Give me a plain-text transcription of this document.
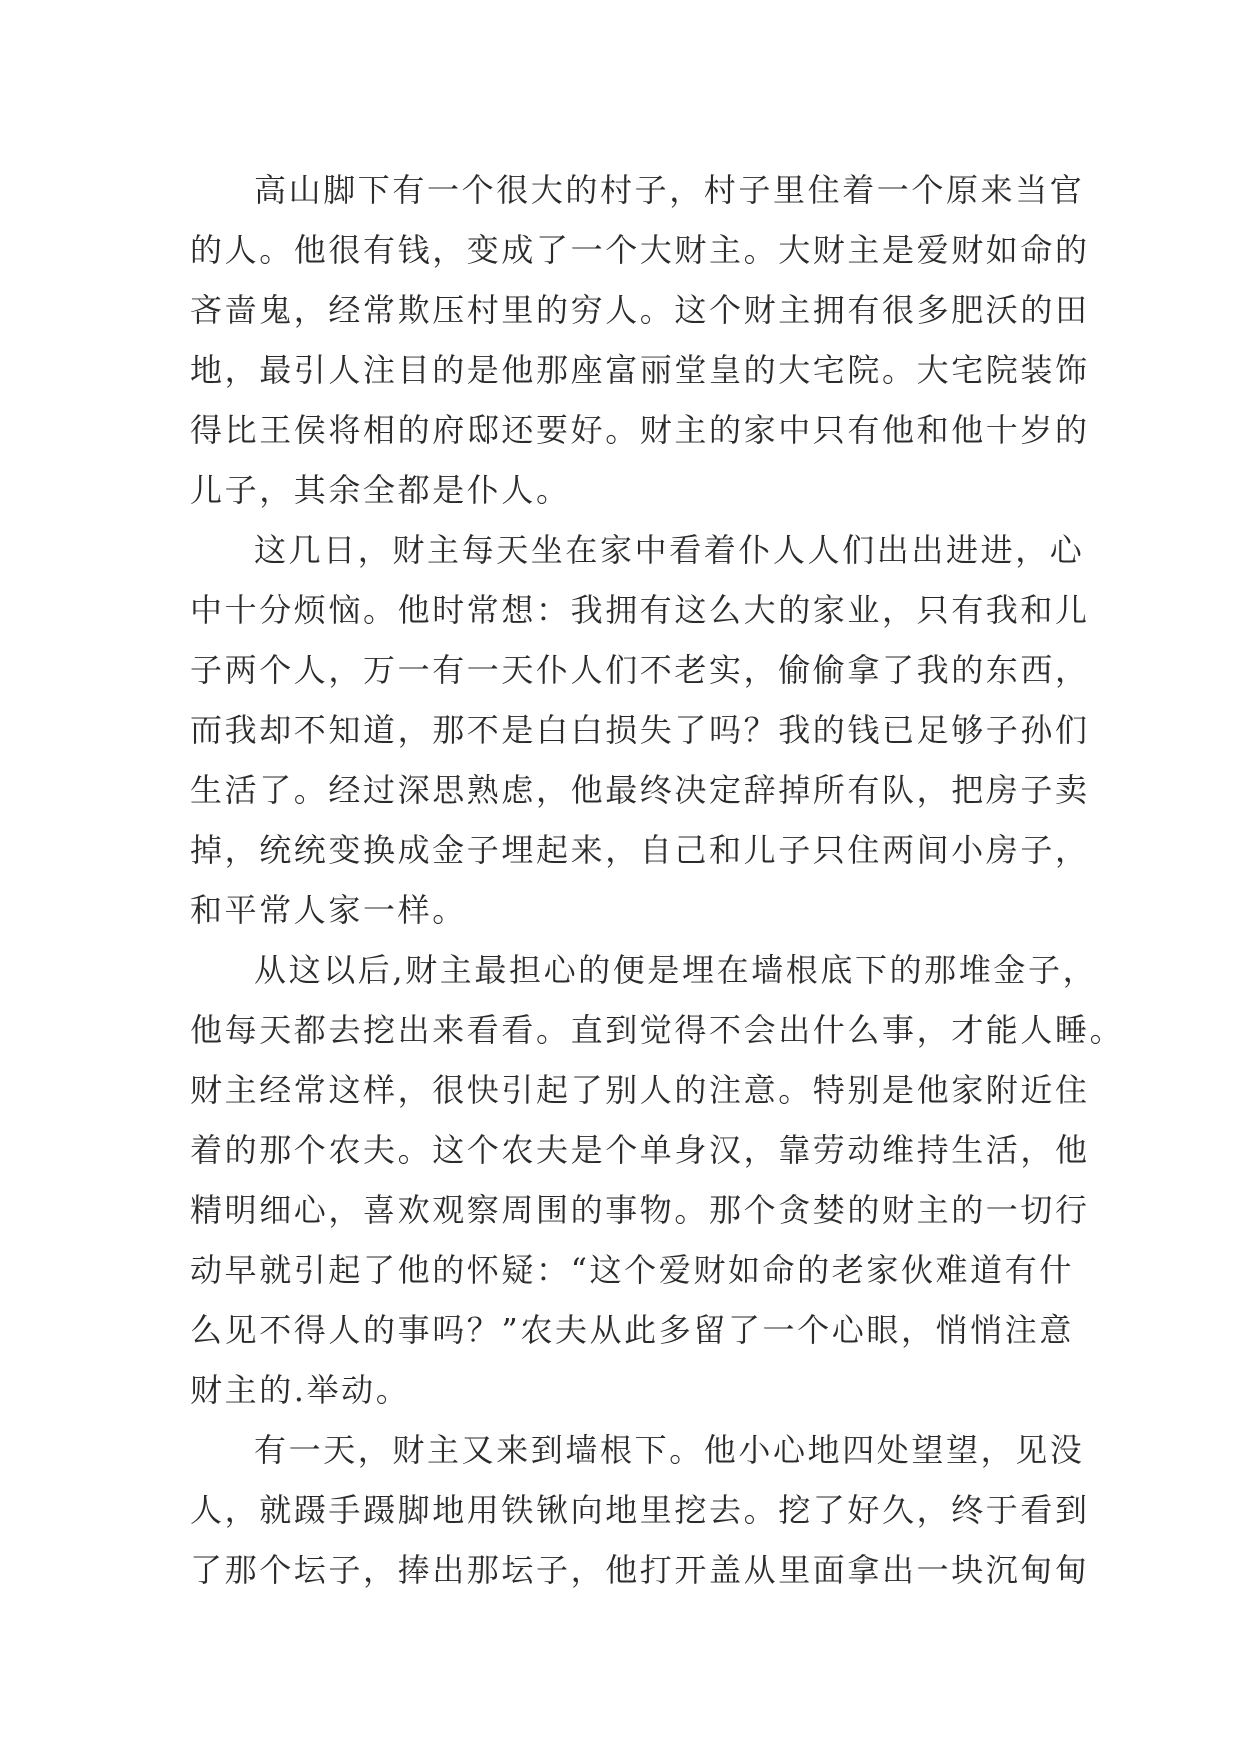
高山脚下有一个很大的村子，村子里住着一个原来当官
的人。他很有钱，变成了一个大财主。大财主是爱财如命的
吝啬鬼，经常欺压村里的穷人。这个财主拥有很多肥沃的田
地，最引人注目的是他那座富丽堂皇的大宅院。大宅院装饰
得比王侯将相的府邸还要好。财主的家中只有他和他十岁的
儿子，其余全都是仆人。
这几日，财主每天坐在家中看着仆人人们出出进进，心
中十分烦恼。他时常想：我拥有这么大的家业，只有我和儿
子两个人，万一有一天仆人们不老实，偷偷拿了我的东西，
而我却不知道，那不是白白损失了吗？我的钱已足够子孙们
生活了。经过深思熟虑，他最终决定辞掉所有队，把房子卖
掉，统统变换成金子埋起来，自己和儿子只住两间小房子，
和平常人家一样。
从这以后,财主最担心的便是埋在墙根底下的那堆金子，
他每天都去挖出来看看。直到觉得不会出什么事，才能人睡。
财主经常这样，很快引起了别人的注意。特别是他家附近住
着的那个农夫。这个农夫是个单身汉，靠劳动维持生活，他
精明细心，喜欢观察周围的事物。那个贪婪的财主的一切行
动早就引起了他的怀疑：“这个爱财如命的老家伙难道有什
么见不得人的事吗？”农夫从此多留了一个心眼，悄悄注意
财主的.举动。
有一天，财主又来到墙根下。他小心地四处望望，见没
人，就蹑手蹑脚地用铁锹向地里挖去。挖了好久，终于看到
了那个坛子，捧出那坛子，他打开盖从里面拿出一块沉甸甸
